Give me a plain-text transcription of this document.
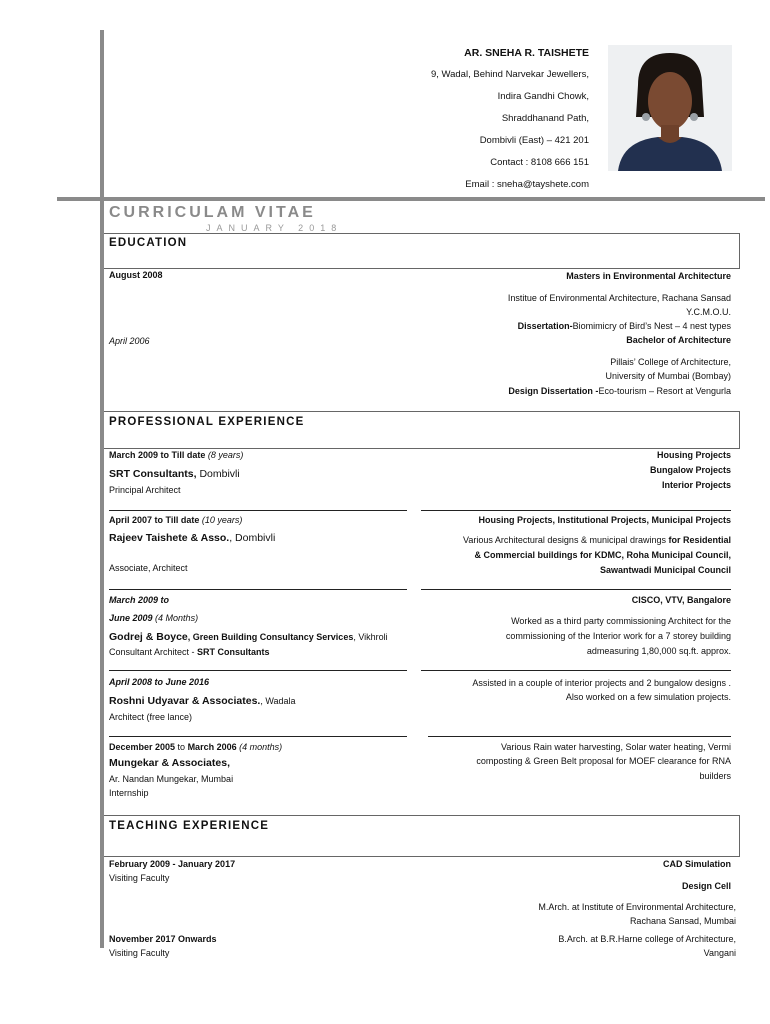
AR. SNEHA R. TAISHETE
9, Wadal, Behind Narvekar Jewellers,
Indira Gandhi Chowk,
Shraddhanand Path,
Dombivli (East) – 421 201
Contact : 8108 666 151
Email : sneha@tayshete.com
CURRICULAM VITAE
JANUARY 2018
EDUCATION
August 2008	Masters in Environmental Architecture
Institue of Environmental Architecture, Rachana Sansad
Y.C.M.O.U.
Dissertation-Biomimicry of Bird’s Nest – 4 nest types
April 2006	Bachelor of Architecture
Pillais’ College of Architecture,
University of Mumbai (Bombay)
Design Dissertation -Eco-tourism – Resort at Vengurla
PROFESSIONAL EXPERIENCE
March 2009 to Till date (8 years)
SRT Consultants, Dombivli
Principal Architect
Housing Projects
Bungalow Projects
Interior Projects
April 2007 to Till date (10 years)
Rajeev Taishete & Asso., Dombivli
Associate, Architect
Housing Projects, Institutional Projects, Municipal Projects
Various Architectural designs & municipal drawings for Residential
& Commercial buildings for KDMC, Roha Municipal Council,
Sawantwadi Municipal Council
March 2009 to
June 2009 (4 Months)
Godrej & Boyce, Green Building Consultancy Services, Vikhroli
Consultant Architect - SRT Consultants
CISCO, VTV, Bangalore
Worked as a third party commissioning Architect for the
commissioning of the Interior work for a 7 storey building
admeasuring 1,80,000 sq.ft. approx.
April 2008 to June 2016
Roshni Udyavar & Associates., Wadala
Architect (free lance)
Assisted in a couple of interior projects and 2 bungalow designs .
Also worked on a few simulation projects.
December 2005 to March 2006 (4 months)
Mungekar & Associates,
Ar. Nandan Mungekar, Mumbai
Internship
Various Rain water harvesting, Solar water heating, Vermi
composting & Green Belt proposal for MOEF clearance for RNA
builders
TEACHING EXPERIENCE
February 2009 - January 2017
Visiting Faculty
CAD Simulation
Design Cell
M.Arch. at Institute of Environmental Architecture,
Rachana Sansad, Mumbai
November 2017 Onwards
Visiting Faculty
B.Arch. at B.R.Harne college of Architecture,
Vangani
